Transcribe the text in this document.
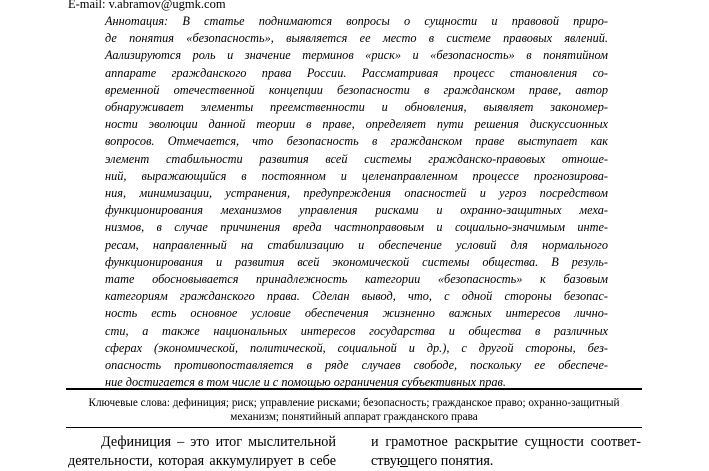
E-mail: v.abramov@ugmk.com
Аннотация: В статье поднимаются вопросы о сущности и правовой приро-
де понятия «безопасность», выявляется ее место в системе правовых явлений.
Аализируются роль и значение терминов «риск» и «безопасность» в понятийном
аппарате гражданского права России. Рассматривая процесс становления со-
временной отечественной концепции безопасности в гражданском праве, автор
обнаруживает элементы преемственности и обновления, выявляет закономер-
ности эволюции данной теории в праве, определяет пути решения дискуссионных
вопросов. Отмечается, что безопасность в гражданском праве выступает как
элемент стабильности развития всей системы гражданско-правовых отноше-
ний, выражающийся в постоянном и целенаправленном процессе прогнозирова-
ния, минимизации, устранения, предупреждения опасностей и угроз посредством
функционирования механизмов управления рисками и охранно-защитных меха-
низмов, в случае причинения вреда частноправовым и социально-значимым инте-
ресам, направленный на стабилизацию и обеспечение условий для нормального
функционирования и развития всей экономической системы общества. В резуль-
тате обосновывается принадлежность категории «безопасность» к базовым
категориям гражданского права. Сделан вывод, что, с одной стороны безопас-
ность есть основное условие обеспечения жизненно важных интересов лично-
сти, а также национальных интересов государства и общества в различных
сферах (экономической, политической, социальной и др.), с другой стороны, без-
опасность противопоставляется в ряде случаев свободе, поскольку ее обеспече-
ние достигается в том числе и с помощью ограничения субъективных прав.
Ключевые слова: дефиниция; риск; управление рисками; безопасность; гражданское право; охранно-защитный
механизм; понятийный аппарат гражданского права
Дефиниция – это итог мыслительной
деятельности, которая аккумулирует в себе
и грамотное раскрытие сущности соответ-
ствующего понятия.
